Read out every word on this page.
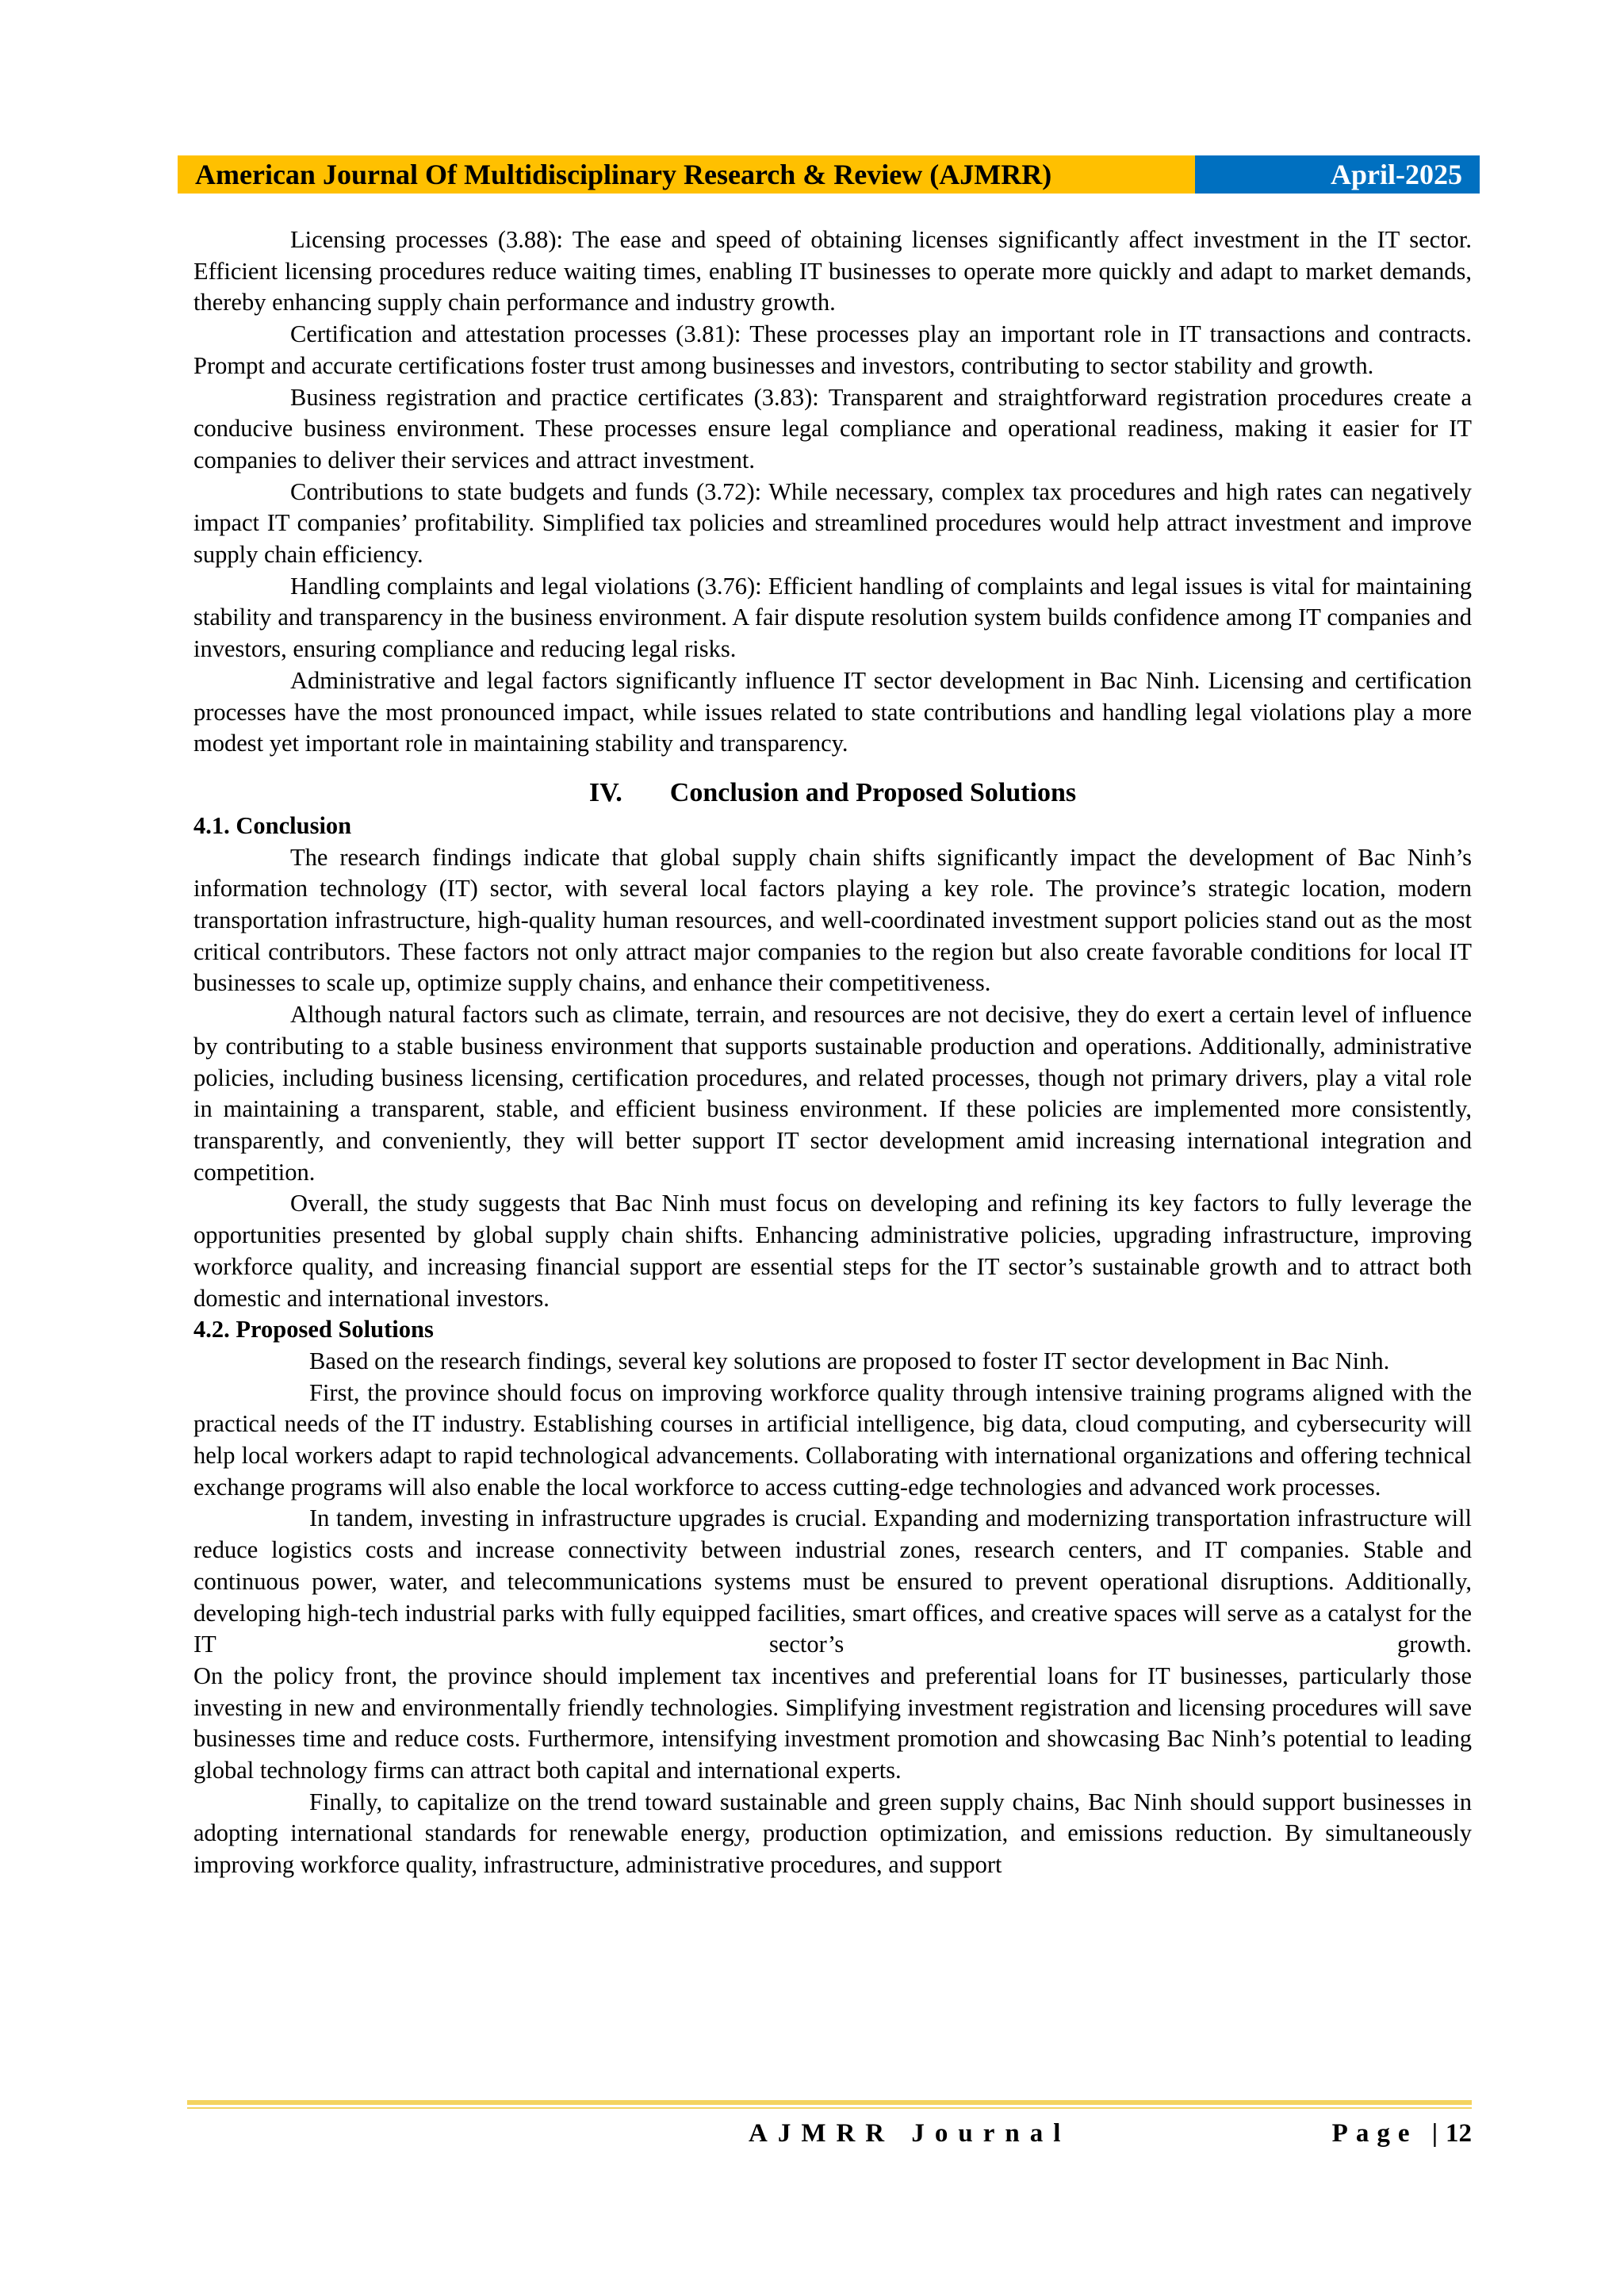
American Journal Of Multidisciplinary Research & Review (AJMRR)	April-2025

Licensing processes (3.88): The ease and speed of obtaining licenses significantly affect investment in the IT sector. Efficient licensing procedures reduce waiting times, enabling IT businesses to operate more quickly and adapt to market demands, thereby enhancing supply chain performance and industry growth.

Certification and attestation processes (3.81): These processes play an important role in IT transactions and contracts. Prompt and accurate certifications foster trust among businesses and investors, contributing to sector stability and growth.

Business registration and practice certificates (3.83): Transparent and straightforward registration procedures create a conducive business environment. These processes ensure legal compliance and operational readiness, making it easier for IT companies to deliver their services and attract investment.

Contributions to state budgets and funds (3.72): While necessary, complex tax procedures and high rates can negatively impact IT companies’ profitability. Simplified tax policies and streamlined procedures would help attract investment and improve supply chain efficiency.

Handling complaints and legal violations (3.76): Efficient handling of complaints and legal issues is vital for maintaining stability and transparency in the business environment. A fair dispute resolution system builds confidence among IT companies and investors, ensuring compliance and reducing legal risks.

Administrative and legal factors significantly influence IT sector development in Bac Ninh. Licensing and certification processes have the most pronounced impact, while issues related to state contributions and handling legal violations play a more modest yet important role in maintaining stability and transparency.

IV. Conclusion and Proposed Solutions

4.1. Conclusion

The research findings indicate that global supply chain shifts significantly impact the development of Bac Ninh’s information technology (IT) sector, with several local factors playing a key role. The province’s strategic location, modern transportation infrastructure, high-quality human resources, and well-coordinated investment support policies stand out as the most critical contributors. These factors not only attract major companies to the region but also create favorable conditions for local IT businesses to scale up, optimize supply chains, and enhance their competitiveness.

Although natural factors such as climate, terrain, and resources are not decisive, they do exert a certain level of influence by contributing to a stable business environment that supports sustainable production and operations. Additionally, administrative policies, including business licensing, certification procedures, and related processes, though not primary drivers, play a vital role in maintaining a transparent, stable, and efficient business environment. If these policies are implemented more consistently, transparently, and conveniently, they will better support IT sector development amid increasing international integration and competition.

Overall, the study suggests that Bac Ninh must focus on developing and refining its key factors to fully leverage the opportunities presented by global supply chain shifts. Enhancing administrative policies, upgrading infrastructure, improving workforce quality, and increasing financial support are essential steps for the IT sector’s sustainable growth and to attract both domestic and international investors.

4.2. Proposed Solutions

Based on the research findings, several key solutions are proposed to foster IT sector development in Bac Ninh.

First, the province should focus on improving workforce quality through intensive training programs aligned with the practical needs of the IT industry. Establishing courses in artificial intelligence, big data, cloud computing, and cybersecurity will help local workers adapt to rapid technological advancements. Collaborating with international organizations and offering technical exchange programs will also enable the local workforce to access cutting-edge technologies and advanced work processes.

In tandem, investing in infrastructure upgrades is crucial. Expanding and modernizing transportation infrastructure will reduce logistics costs and increase connectivity between industrial zones, research centers, and IT companies. Stable and continuous power, water, and telecommunications systems must be ensured to prevent operational disruptions. Additionally, developing high-tech industrial parks with fully equipped facilities, smart offices, and creative spaces will serve as a catalyst for the IT sector’s growth.

On the policy front, the province should implement tax incentives and preferential loans for IT businesses, particularly those investing in new and environmentally friendly technologies. Simplifying investment registration and licensing procedures will save businesses time and reduce costs. Furthermore, intensifying investment promotion and showcasing Bac Ninh’s potential to leading global technology firms can attract both capital and international experts.

Finally, to capitalize on the trend toward sustainable and green supply chains, Bac Ninh should support businesses in adopting international standards for renewable energy, production optimization, and emissions reduction. By simultaneously improving workforce quality, infrastructure, administrative procedures, and support

AJMRR Journal	Page |12
